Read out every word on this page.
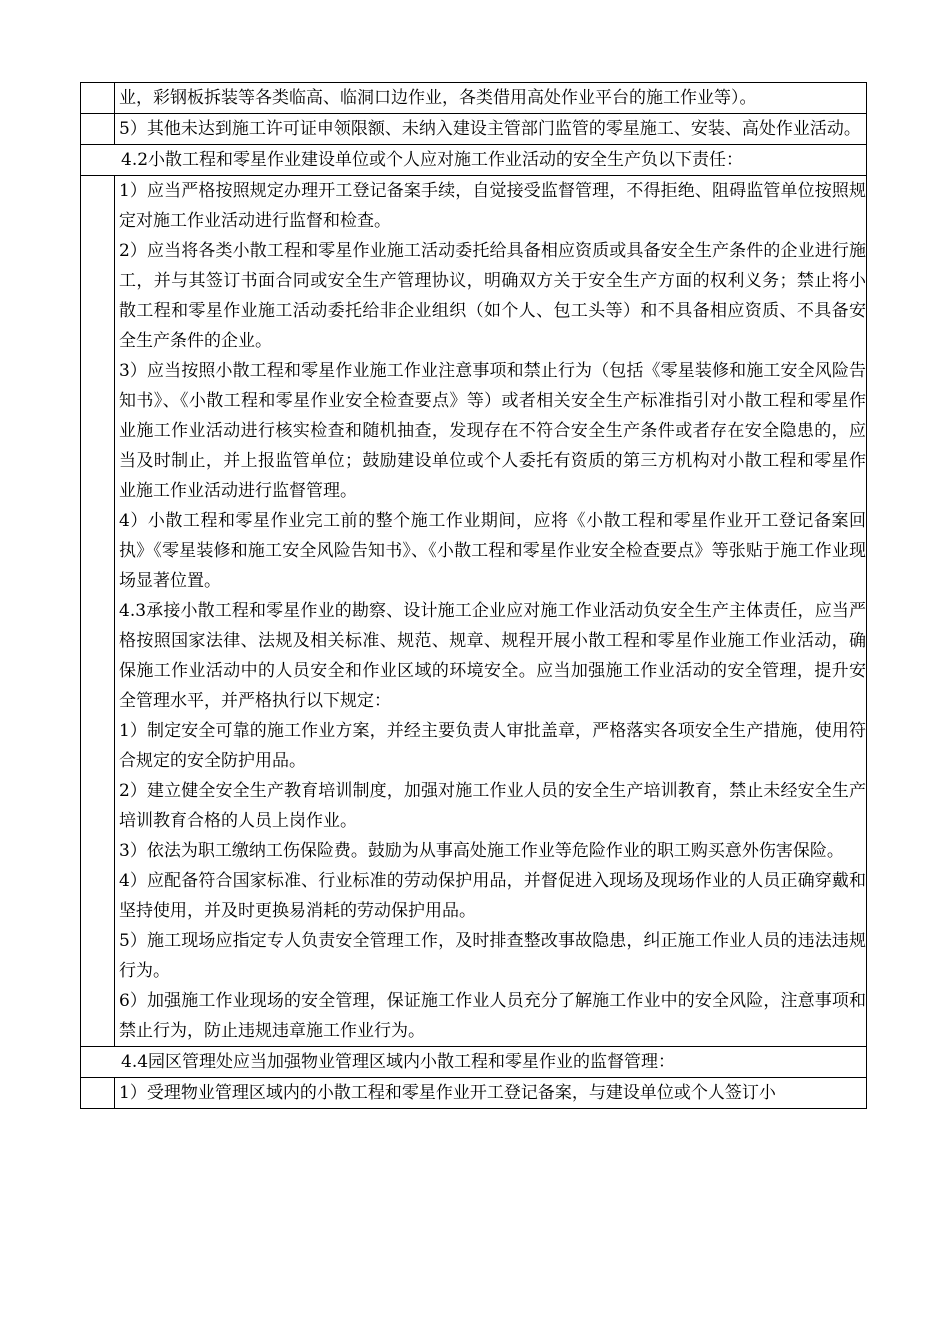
业，彩钢板拆装等各类临高、临洞口边作业，各类借用高处作业平台的施工作业等）。
5）其他未达到施工许可证申领限额、未纳入建设主管部门监管的零星施工、安装、高处作业活动。
4.2小散工程和零星作业建设单位或个人应对施工作业活动的安全生产负以下责任：
1）应当严格按照规定办理开工登记备案手续，自觉接受监督管理，不得拒绝、阻碍监管单位按照规定对施工作业活动进行监督和检查。
2）应当将各类小散工程和零星作业施工活动委托给具备相应资质或具备安全生产条件的企业进行施工，并与其签订书面合同或安全生产管理协议，明确双方关于安全生产方面的权利义务；禁止将小散工程和零星作业施工活动委托给非企业组织（如个人、包工头等）和不具备相应资质、不具备安全生产条件的企业。
3）应当按照小散工程和零星作业施工作业注意事项和禁止行为（包括《零星装修和施工安全风险告知书》、《小散工程和零星作业安全检查要点》等）或者相关安全生产标准指引对小散工程和零星作业施工作业活动进行核实检查和随机抽查，发现存在不符合安全生产条件或者存在安全隐患的，应当及时制止，并上报监管单位；鼓励建设单位或个人委托有资质的第三方机构对小散工程和零星作业施工作业活动进行监督管理。
4）小散工程和零星作业完工前的整个施工作业期间，应将《小散工程和零星作业开工登记备案回执》《零星装修和施工安全风险告知书》、《小散工程和零星作业安全检查要点》等张贴于施工作业现场显著位置。
4.3承接小散工程和零星作业的勘察、设计施工企业应对施工作业活动负安全生产主体责任，应当严格按照国家法律、法规及相关标准、规范、规章、规程开展小散工程和零星作业施工作业活动，确保施工作业活动中的人员安全和作业区域的环境安全。应当加强施工作业活动的安全管理，提升安全管理水平，并严格执行以下规定：
1）制定安全可靠的施工作业方案，并经主要负责人审批盖章，严格落实各项安全生产措施，使用符合规定的安全防护用品。
2）建立健全安全生产教育培训制度，加强对施工作业人员的安全生产培训教育，禁止未经安全生产培训教育合格的人员上岗作业。
3）依法为职工缴纳工伤保险费。鼓励为从事高处施工作业等危险作业的职工购买意外伤害保险。
4）应配备符合国家标准、行业标准的劳动保护用品，并督促进入现场及现场作业的人员正确穿戴和坚持使用，并及时更换易消耗的劳动保护用品。
5）施工现场应指定专人负责安全管理工作，及时排查整改事故隐患，纠正施工作业人员的违法违规行为。
6）加强施工作业现场的安全管理，保证施工作业人员充分了解施工作业中的安全风险，注意事项和禁止行为，防止违规违章施工作业行为。
4.4园区管理处应当加强物业管理区域内小散工程和零星作业的监督管理：
1）受理物业管理区域内的小散工程和零星作业开工登记备案，与建设单位或个人签订小
